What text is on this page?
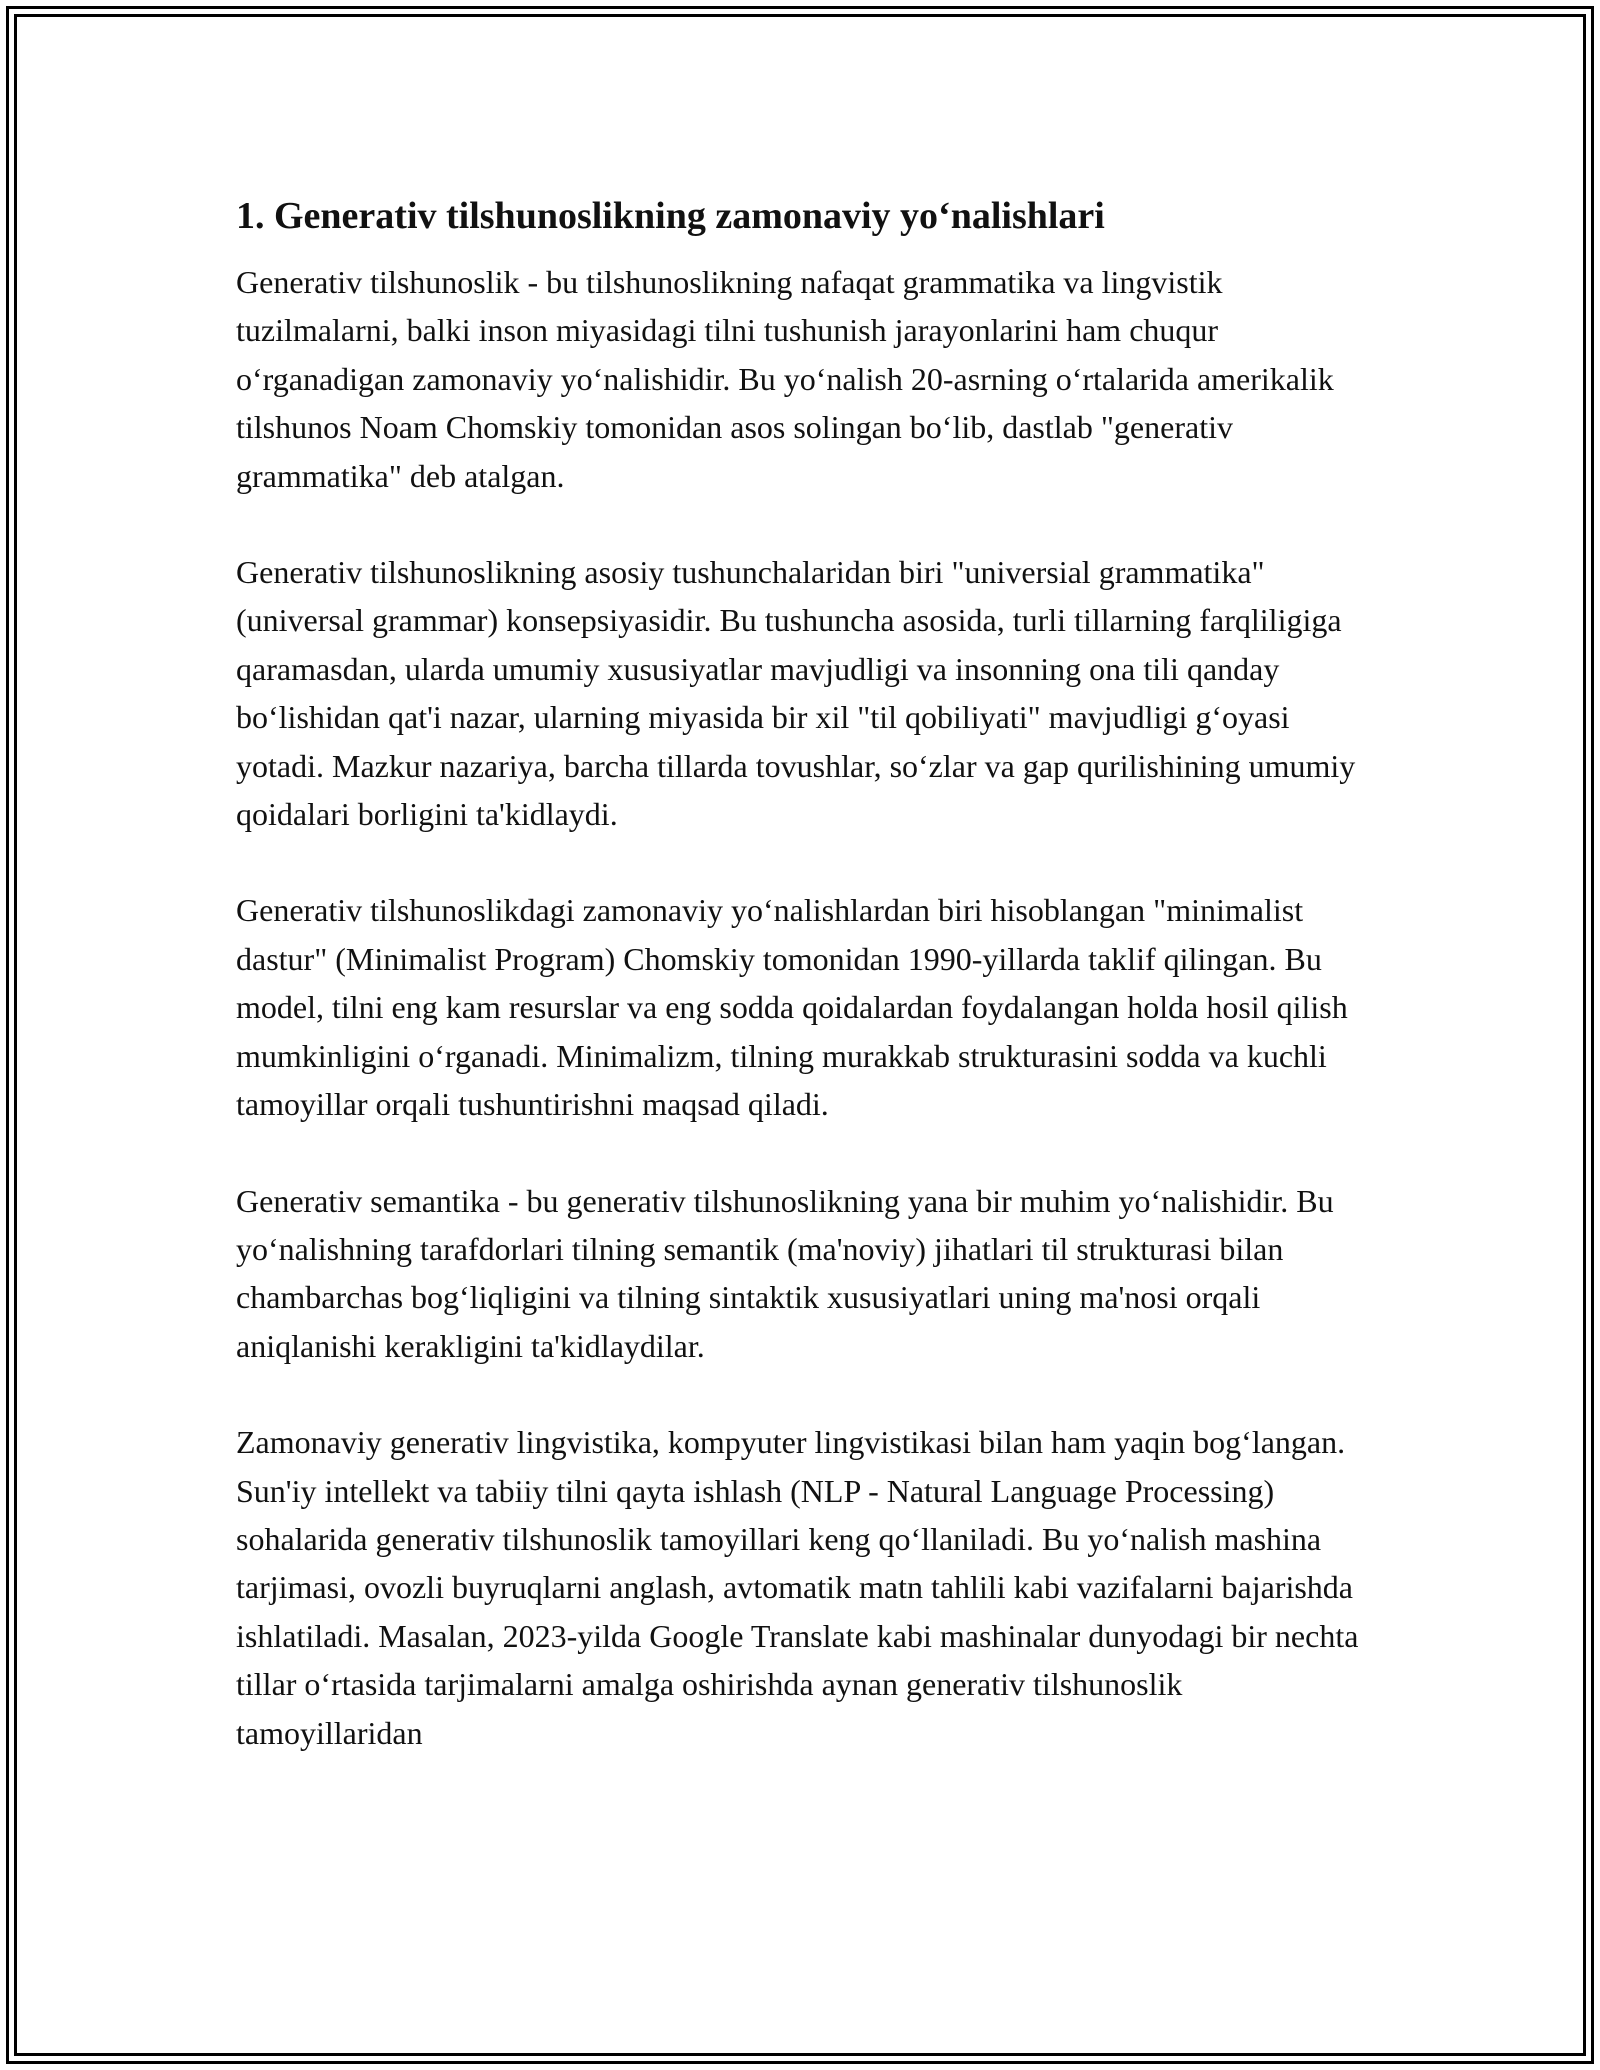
1. Generativ tilshunoslikning zamonaviy yo‘nalishlari

Generativ tilshunoslik - bu tilshunoslikning nafaqat grammatika va lingvistik tuzilmalarni, balki inson miyasidagi tilni tushunish jarayonlarini ham chuqur o‘rganadigan zamonaviy yo‘nalishidir. Bu yo‘nalish 20-asrning o‘rtalarida amerikalik tilshunos Noam Chomskiy tomonidan asos solingan bo‘lib, dastlab "generativ grammatika" deb atalgan.

Generativ tilshunoslikning asosiy tushunchalaridan biri "universial grammatika" (universal grammar) konsepsiyasidir. Bu tushuncha asosida, turli tillarning farqliligiga qaramasdan, ularda umumiy xususiyatlar mavjudligi va insonning ona tili qanday bo‘lishidan qat'i nazar, ularning miyasida bir xil "til qobiliyati" mavjudligi g‘oyasi yotadi. Mazkur nazariya, barcha tillarda tovushlar, so‘zlar va gap qurilishining umumiy qoidalari borligini ta'kidlaydi.

Generativ tilshunoslikdagi zamonaviy yo‘nalishlardan biri hisoblangan "minimalist dastur" (Minimalist Program) Chomskiy tomonidan 1990-yillarda taklif qilingan. Bu model, tilni eng kam resurslar va eng sodda qoidalardan foydalangan holda hosil qilish mumkinligini o‘rganadi. Minimalizm, tilning murakkab strukturasini sodda va kuchli tamoyillar orqali tushuntirishni maqsad qiladi.

Generativ semantika - bu generativ tilshunoslikning yana bir muhim yo‘nalishidir. Bu yo‘nalishning tarafdorlari tilning semantik (ma'noviy) jihatlari til strukturasi bilan chambarchas bog‘liqligini va tilning sintaktik xususiyatlari uning ma'nosi orqali aniqlanishi kerakligini ta'kidlaydilar.

Zamonaviy generativ lingvistika, kompyuter lingvistikasi bilan ham yaqin bog‘langan. Sun'iy intellekt va tabiiy tilni qayta ishlash (NLP - Natural Language Processing) sohalarida generativ tilshunoslik tamoyillari keng qo‘llaniladi. Bu yo‘nalish mashina tarjimasi, ovozli buyruqlarni anglash, avtomatik matn tahlili kabi vazifalarni bajarishda ishlatiladi. Masalan, 2023-yilda Google Translate kabi mashinalar dunyodagi bir nechta tillar o‘rtasida tarjimalarni amalga oshirishda aynan generativ tilshunoslik tamoyillaridan
